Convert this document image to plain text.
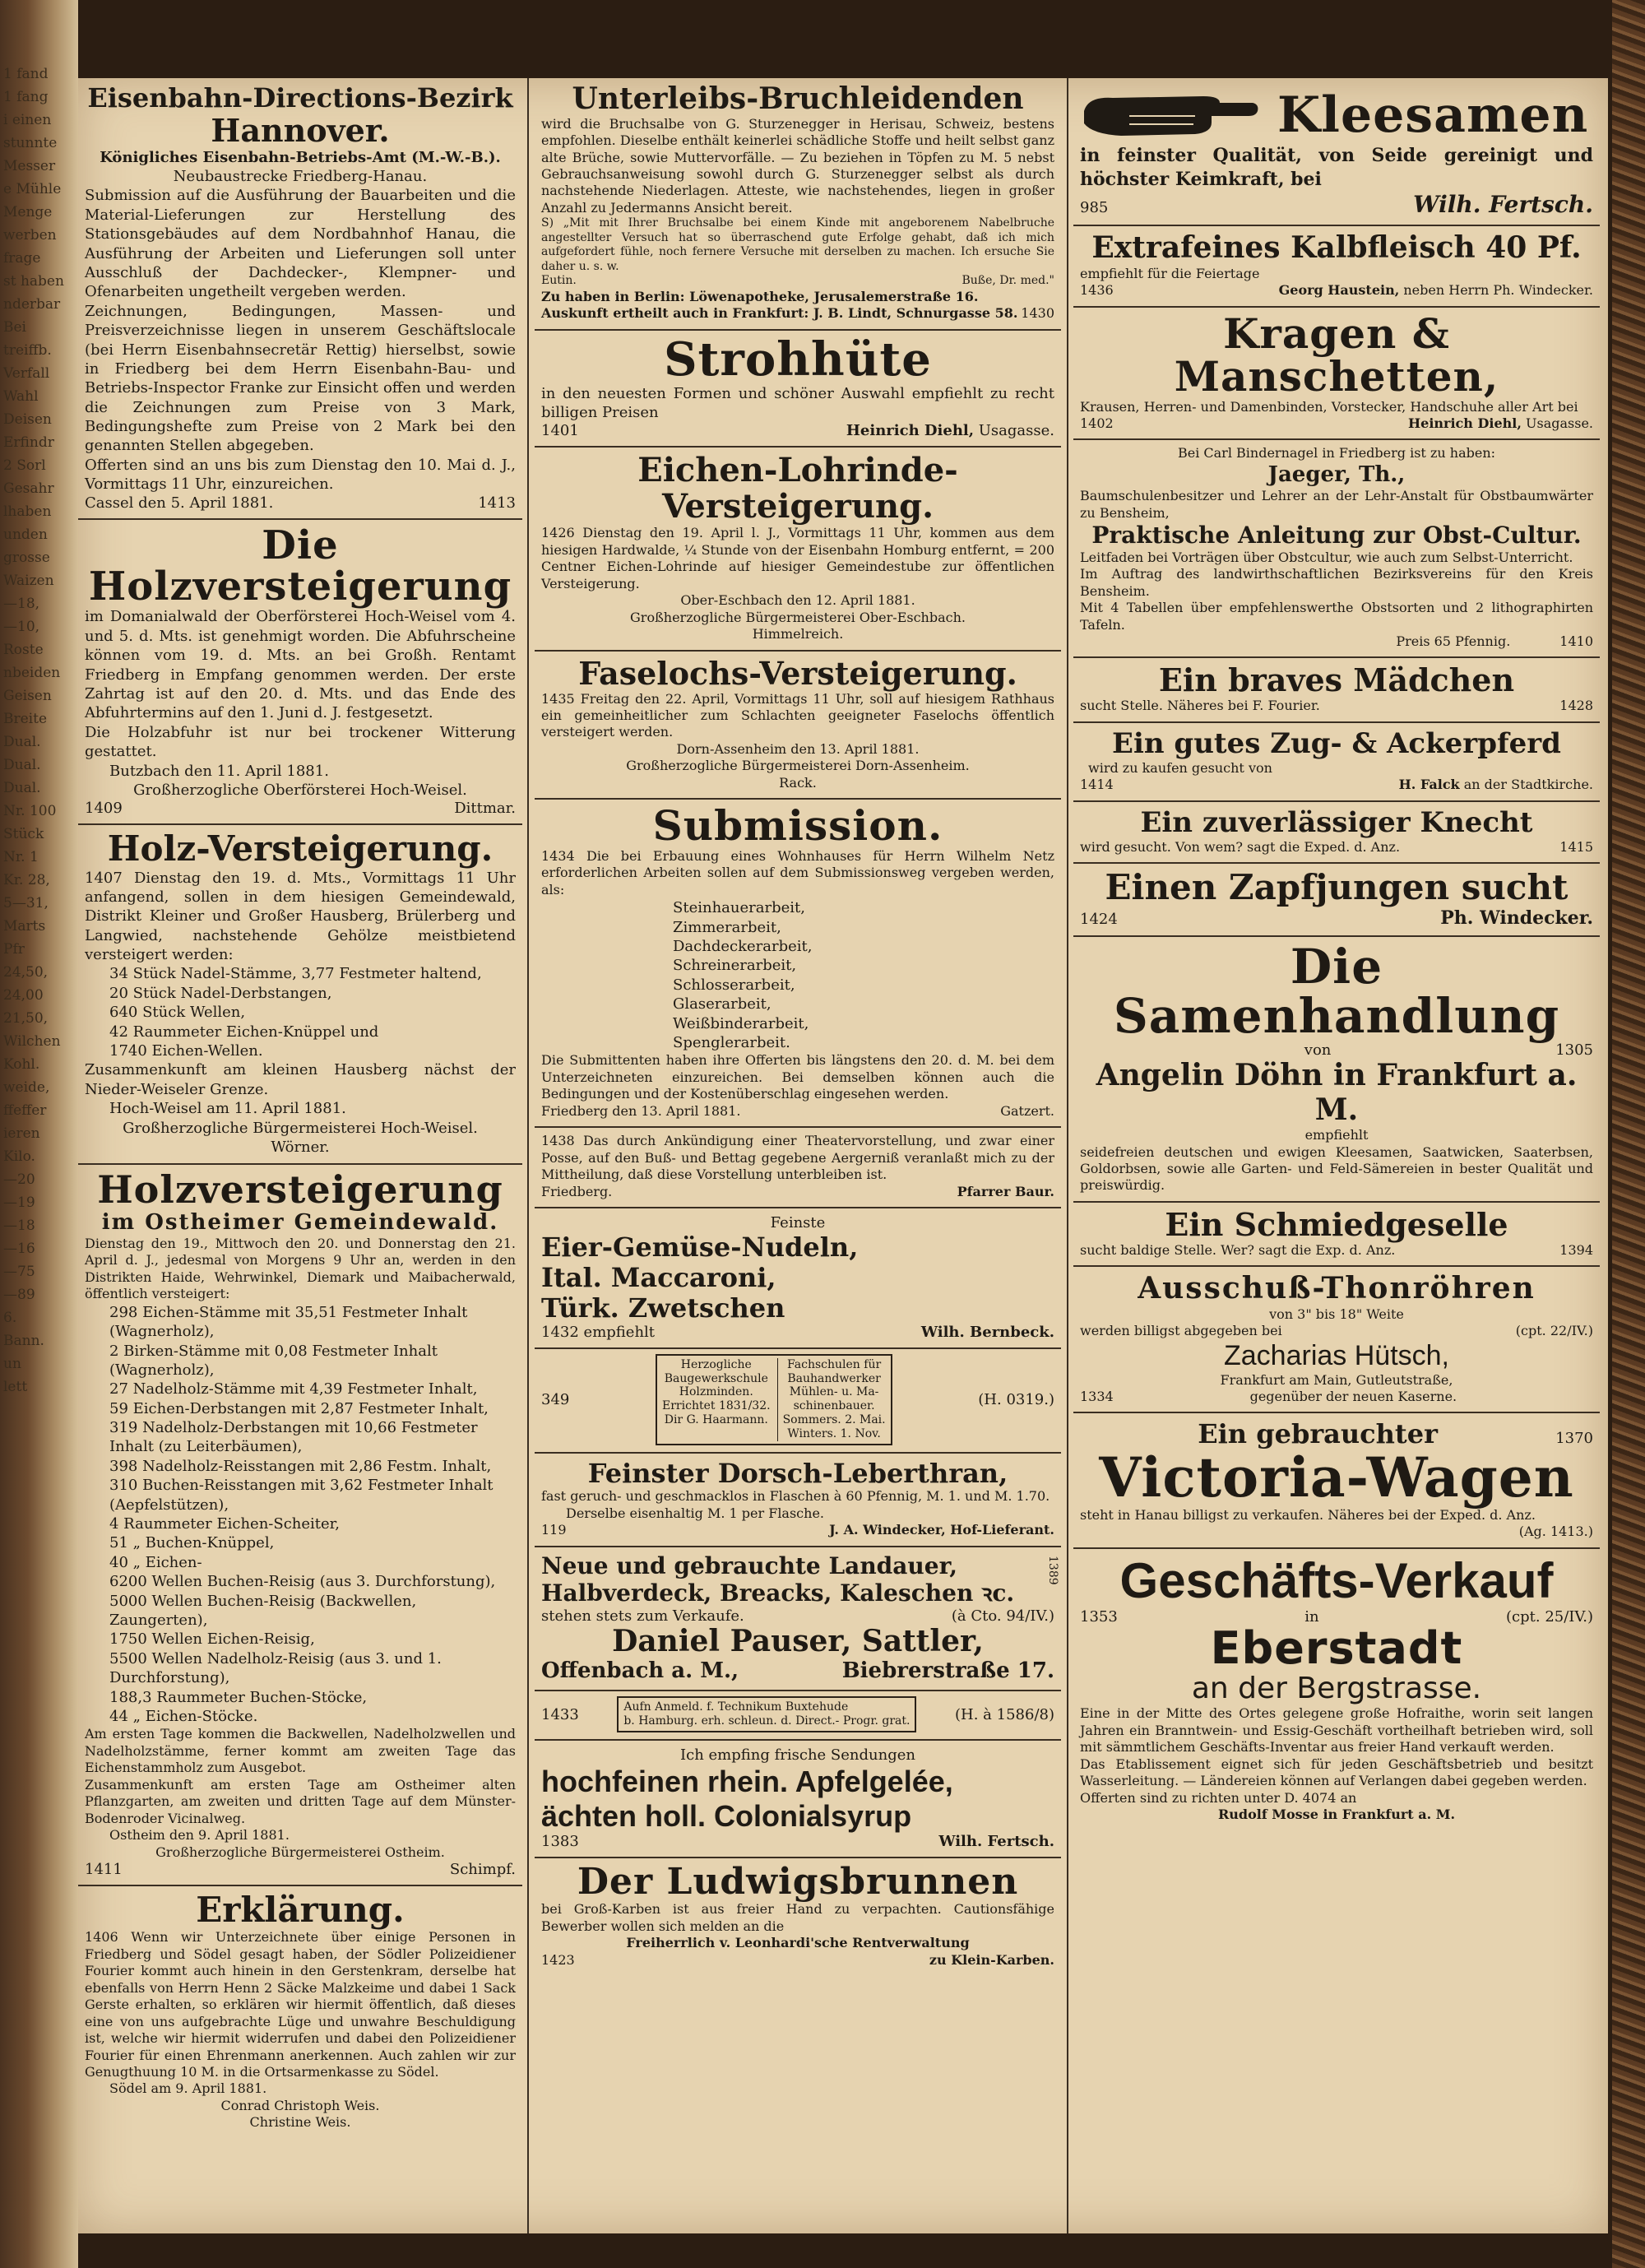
1 fand
1 fang
i einen
stunnte
Messer
e Mühle
Menge
werben
frage
st haben
nderbar
Bei
treiffb.
Verfall
Wahl
Deisen
Erfindr
2 Sorl
Gesahr
lhaben
unden
grosse
Waizen
—18,
—10,
Roste
nbeiden
Geisen
Breite
Dual.
Dual.
Dual.
Nr. 100
Stück
Nr. 1
Kr. 28,
5—31,
Marts
Pfr
24,50,
24,00
21,50,
Wilchen
Kohl.
weide,
ffeffer
ieren
Kilo.
—20
—19
—18
—16
—75
—89
6.
Bann.
un
lett
Eisenbahn-Directions-Bezirk
Hannover.

Königliches Eisenbahn-Betriebs-Amt (M.-W.-B.).

Neubaustrecke Friedberg-Hanau.

Submission auf die Ausführung der Bauarbeiten und die Material-Lieferungen zur Herstellung des Stationsgebäudes auf dem Nordbahnhof Hanau, die Ausführung der Arbeiten und Lieferungen soll unter Ausschluß der Dachdecker-, Klempner- und Ofenarbeiten ungetheilt vergeben werden.

Zeichnungen, Bedingungen, Massen- und Preisverzeichnisse liegen in unserem Geschäftslocale (bei Herrn Eisenbahnsecretär Rettig) hierselbst, sowie in Friedberg bei dem Herrn Eisenbahn-Bau- und Betriebs-Inspector Franke zur Einsicht offen und werden die Zeichnungen zum Preise von 3 Mark, Bedingungshefte zum Preise von 2 Mark bei den genannten Stellen abgegeben.

Offerten sind an uns bis zum Dienstag den 10. Mai d. J., Vormittags 11 Uhr, einzureichen.

Cassel den 5. April 1881.	1413
Die Holzversteigerung

im Domanialwald der Oberförsterei Hoch-Weisel vom 4. und 5. d. Mts. ist genehmigt worden. Die Abfuhrscheine können vom 19. d. Mts. an bei Großh. Rentamt Friedberg in Empfang genommen werden. Der erste Zahrtag ist auf den 20. d. Mts. und das Ende des Abfuhrtermins auf den 1. Juni d. J. festgesetzt.

Die Holzabfuhr ist nur bei trockener Witterung gestattet.

Butzbach den 11. April 1881.

Großherzogliche Oberförsterei Hoch-Weisel.

1409	Dittmar.
Holz-Versteigerung.

1407 Dienstag den 19. d. Mts., Vormittags 11 Uhr anfangend, sollen in dem hiesigen Gemeindewald, Distrikt Kleiner und Großer Hausberg, Brülerberg und Langwied, nachstehende Gehölze meistbietend versteigert werden:

34 Stück Nadel-Stämme, 3,77 Festmeter haltend,

20 Stück Nadel-Derbstangen,

640 Stück Wellen,

42 Raummeter Eichen-Knüppel und

1740 Eichen-Wellen.

Zusammenkunft am kleinen Hausberg nächst der Nieder-Weiseler Grenze.

Hoch-Weisel am 11. April 1881.

Großherzogliche Bürgermeisterei Hoch-Weisel.

Wörner.

Holzversteigerung
im Ostheimer Gemeindewald.

Dienstag den 19., Mittwoch den 20. und Donnerstag den 21. April d. J., jedesmal von Morgens 9 Uhr an, werden in den Distrikten Haide, Wehrwinkel, Diemark und Maibacherwald, öffentlich versteigert:

298 Eichen-Stämme mit 35,51 Festmeter Inhalt (Wagnerholz),

2 Birken-Stämme mit 0,08 Festmeter Inhalt (Wagnerholz),

27 Nadelholz-Stämme mit 4,39 Festmeter Inhalt,

59 Eichen-Derbstangen mit 2,87 Festmeter Inhalt,

319 Nadelholz-Derbstangen mit 10,66 Festmeter Inhalt (zu Leiterbäumen),

398 Nadelholz-Reisstangen mit 2,86 Festm. Inhalt,

310 Buchen-Reisstangen mit 3,62 Festmeter Inhalt (Aepfelstützen),

4 Raummeter Eichen-Scheiter,

51 „ Buchen-Knüppel,

40 „ Eichen-

6200 Wellen Buchen-Reisig (aus 3. Durchforstung),

5000 Wellen Buchen-Reisig (Backwellen, Zaungerten),

1750 Wellen Eichen-Reisig,

5500 Wellen Nadelholz-Reisig (aus 3. und 1. Durchforstung),

188,3 Raummeter Buchen-Stöcke,

44 „ Eichen-Stöcke.

Am ersten Tage kommen die Backwellen, Nadelholzwellen und Nadelholzstämme, ferner kommt am zweiten Tage das Eichenstammholz zum Ausgebot.

Zusammenkunft am ersten Tage am Ostheimer alten Pflanzgarten, am zweiten und dritten Tage auf dem Münster-Bodenroder Vicinalweg.

Ostheim den 9. April 1881.

Großherzogliche Bürgermeisterei Ostheim.

1411	Schimpf.
Erklärung.

1406 Wenn wir Unterzeichnete über einige Personen in Friedberg und Södel gesagt haben, der Södler Polizeidiener Fourier kommt auch hinein in den Gerstenkram, derselbe hat ebenfalls von Herrn Henn 2 Säcke Malzkeime und dabei 1 Sack Gerste erhalten, so erklären wir hiermit öffentlich, daß dieses eine von uns aufgebrachte Lüge und unwahre Beschuldigung ist, welche wir hiermit widerrufen und dabei den Polizeidiener Fourier für einen Ehrenmann anerkennen. Auch zahlen wir zur Genugthuung 10 M. in die Ortsarmenkasse zu Södel.

Södel am 9. April 1881.

Conrad Christoph Weis.

Christine Weis.

Unterleibs-Bruchleidenden

wird die Bruchsalbe von G. Sturzenegger in Herisau, Schweiz, bestens empfohlen. Dieselbe enthält keinerlei schädliche Stoffe und heilt selbst ganz alte Brüche, sowie Muttervorfälle. — Zu beziehen in Töpfen zu M. 5 nebst Gebrauchsanweisung sowohl durch G. Sturzenegger selbst als durch nachstehende Niederlagen. Atteste, wie nachstehendes, liegen in großer Anzahl zu Jedermanns Ansicht bereit.

S) „Mit mit Ihrer Bruchsalbe bei einem Kinde mit angeborenem Nabelbruche angestellter Versuch hat so überraschend gute Erfolge gehabt, daß ich mich aufgefordert fühle, noch fernere Versuche mit derselben zu machen. Ich ersuche Sie daher u. s. w.

Eutin.	Buße, Dr. med."

Zu haben in Berlin: Löwenapotheke, Jerusalemerstraße 16.

Auskunft ertheilt auch in Frankfurt: J. B. Lindt, Schnurgasse 58. 1430
Strohhüte

in den neuesten Formen und schöner Auswahl empfiehlt zu recht billigen Preisen

1401	Heinrich Diehl, Usagasse.
Eichen-Lohrinde-Versteigerung.

1426 Dienstag den 19. April l. J., Vormittags 11 Uhr, kommen aus dem hiesigen Hardwalde, ¼ Stunde von der Eisenbahn Homburg entfernt, = 200 Centner Eichen-Lohrinde auf hiesiger Gemeindestube zur öffentlichen Versteigerung.

Ober-Eschbach den 12. April 1881.

Großherzogliche Bürgermeisterei Ober-Eschbach.

Himmelreich.

Faselochs-Versteigerung.

1435 Freitag den 22. April, Vormittags 11 Uhr, soll auf hiesigem Rathhaus ein gemeinheitlicher zum Schlachten geeigneter Faselochs öffentlich versteigert werden.

Dorn-Assenheim den 13. April 1881.

Großherzogliche Bürgermeisterei Dorn-Assenheim.

Rack.

Submission.

1434 Die bei Erbauung eines Wohnhauses für Herrn Wilhelm Netz erforderlichen Arbeiten sollen auf dem Submissionsweg vergeben werden, als:

Steinhauerarbeit,

Zimmerarbeit,

Dachdeckerarbeit,

Schreinerarbeit,

Schlosserarbeit,

Glaserarbeit,

Weißbinderarbeit,

Spenglerarbeit.

Die Submittenten haben ihre Offerten bis längstens den 20. d. M. bei dem Unterzeichneten einzureichen. Bei demselben können auch die Bedingungen und der Kostenüberschlag eingesehen werden.

Friedberg den 13. April 1881.	Gatzert.

1438 Das durch Ankündigung einer Theatervorstellung, und zwar einer Posse, auf den Buß- und Bettag gegebene Aergerniß veranlaßt mich zu der Mittheilung, daß diese Vorstellung unterbleiben ist.

Friedberg.	Pfarrer Baur.

Feinste

Eier-Gemüse-Nudeln,
Ital. Maccaroni,
Türk. Zwetschen
1432 empfiehlt	Wilh. Bernbeck.
349
Herzogliche
Baugewerkschule
Holzminden.
Errichtet 1831/32.
Dir G. Haarmann.
Fachschulen für
Bauhandwerker
Mühlen- u. Ma-
schinenbauer.
Sommers. 2. Mai.
Winters. 1. Nov.
(H. 0319.)
Feinster Dorsch-Leberthran,

fast geruch- und geschmacklos in Flaschen à 60 Pfennig, M. 1. und M. 1.70.

Derselbe eisenhaltig M. 1 per Flasche.

119	J. A. Windecker, Hof-Lieferant.
Neue und gebrauchte Landauer,
Halbverdeck, Breacks, Kaleschen ꝛc.
stehen stets zum Verkaufe.	(à Cto. 94/IV.)
Daniel Pauser, Sattler,
Offenbach a. M.,	Biebrerstraße 17.
1389
1433	Aufn Anmeld. f. Technikum Buxtehude
b. Hamburg. erh. schleun. d. Direct.- Progr. grat.	(H. à 1586/8)

Ich empfing frische Sendungen

hochfeinen rhein. Apfelgelée,
ächten holl. Colonialsyrup
1383	Wilh. Fertsch.
Der Ludwigsbrunnen

bei Groß-Karben ist aus freier Hand zu verpachten. Cautionsfähige Bewerber wollen sich melden an die

Freiherrlich v. Leonhardi'sche Rentverwaltung

1423	zu Klein-Karben.
Kleesamen

in feinster Qualität, von Seide gereinigt und höchster Keimkraft, bei

985	Wilh. Fertsch.
Extrafeines Kalbfleisch 40 Pf.

empfiehlt für die Feiertage

1436	Georg Haustein, neben Herrn Ph. Windecker.
Kragen & Manschetten,

Krausen, Herren- und Damenbinden, Vorstecker, Handschuhe aller Art bei

1402	Heinrich Diehl, Usagasse.

Bei Carl Bindernagel in Friedberg ist zu haben:

Jaeger, Th.,

Baumschulenbesitzer und Lehrer an der Lehr-Anstalt für Obstbaumwärter zu Bensheim,

Praktische Anleitung zur Obst-Cultur.

Leitfaden bei Vorträgen über Obstcultur, wie auch zum Selbst-Unterricht.

Im Auftrag des landwirthschaftlichen Bezirksvereins für den Kreis Bensheim.

Mit 4 Tabellen über empfehlenswerthe Obstsorten und 2 lithographirten Tafeln.

Preis 65 Pfennig.	1410
Ein braves Mädchen
sucht Stelle. Näheres bei F. Fourier.	1428
Ein gutes Zug- & Ackerpferd

wird zu kaufen gesucht von

1414	H. Falck an der Stadtkirche.
Ein zuverlässiger Knecht
wird gesucht. Von wem? sagt die Exped. d. Anz.	1415
Einen Zapfjungen sucht
1424	Ph. Windecker.
Die Samenhandlung
von	1305
Angelin Döhn in Frankfurt a. M.

empfiehlt

seidefreien deutschen und ewigen Kleesamen, Saatwicken, Saaterbsen, Goldorbsen, sowie alle Garten- und Feld-Sämereien in bester Qualität und preiswürdig.

Ein Schmiedgeselle
sucht baldige Stelle. Wer? sagt die Exp. d. Anz.	1394
Ausschuß-Thonröhren

von 3" bis 18" Weite

werden billigst abgegeben bei	(cpt. 22/IV.)
Zacharias Hütsch,

Frankfurt am Main, Gutleutstraße,

1334	gegenüber der neuen Kaserne.
Ein gebrauchter	1370
Victoria-Wagen

steht in Hanau billigst zu verkaufen. Näheres bei der Exped. d. Anz.

(Ag. 1413.)

Geschäfts-Verkauf
1353	in	(cpt. 25/IV.)
Eberstadt
an der Bergstrasse.

Eine in der Mitte des Ortes gelegene große Hofraithe, worin seit langen Jahren ein Branntwein- und Essig-Geschäft vortheilhaft betrieben wird, soll mit sämmtlichem Geschäfts-Inventar aus freier Hand verkauft werden.

Das Etablissement eignet sich für jeden Geschäftsbetrieb und besitzt Wasserleitung. — Ländereien können auf Verlangen dabei gegeben werden.

Offerten sind zu richten unter D. 4074 an

Rudolf Mosse in Frankfurt a. M.
